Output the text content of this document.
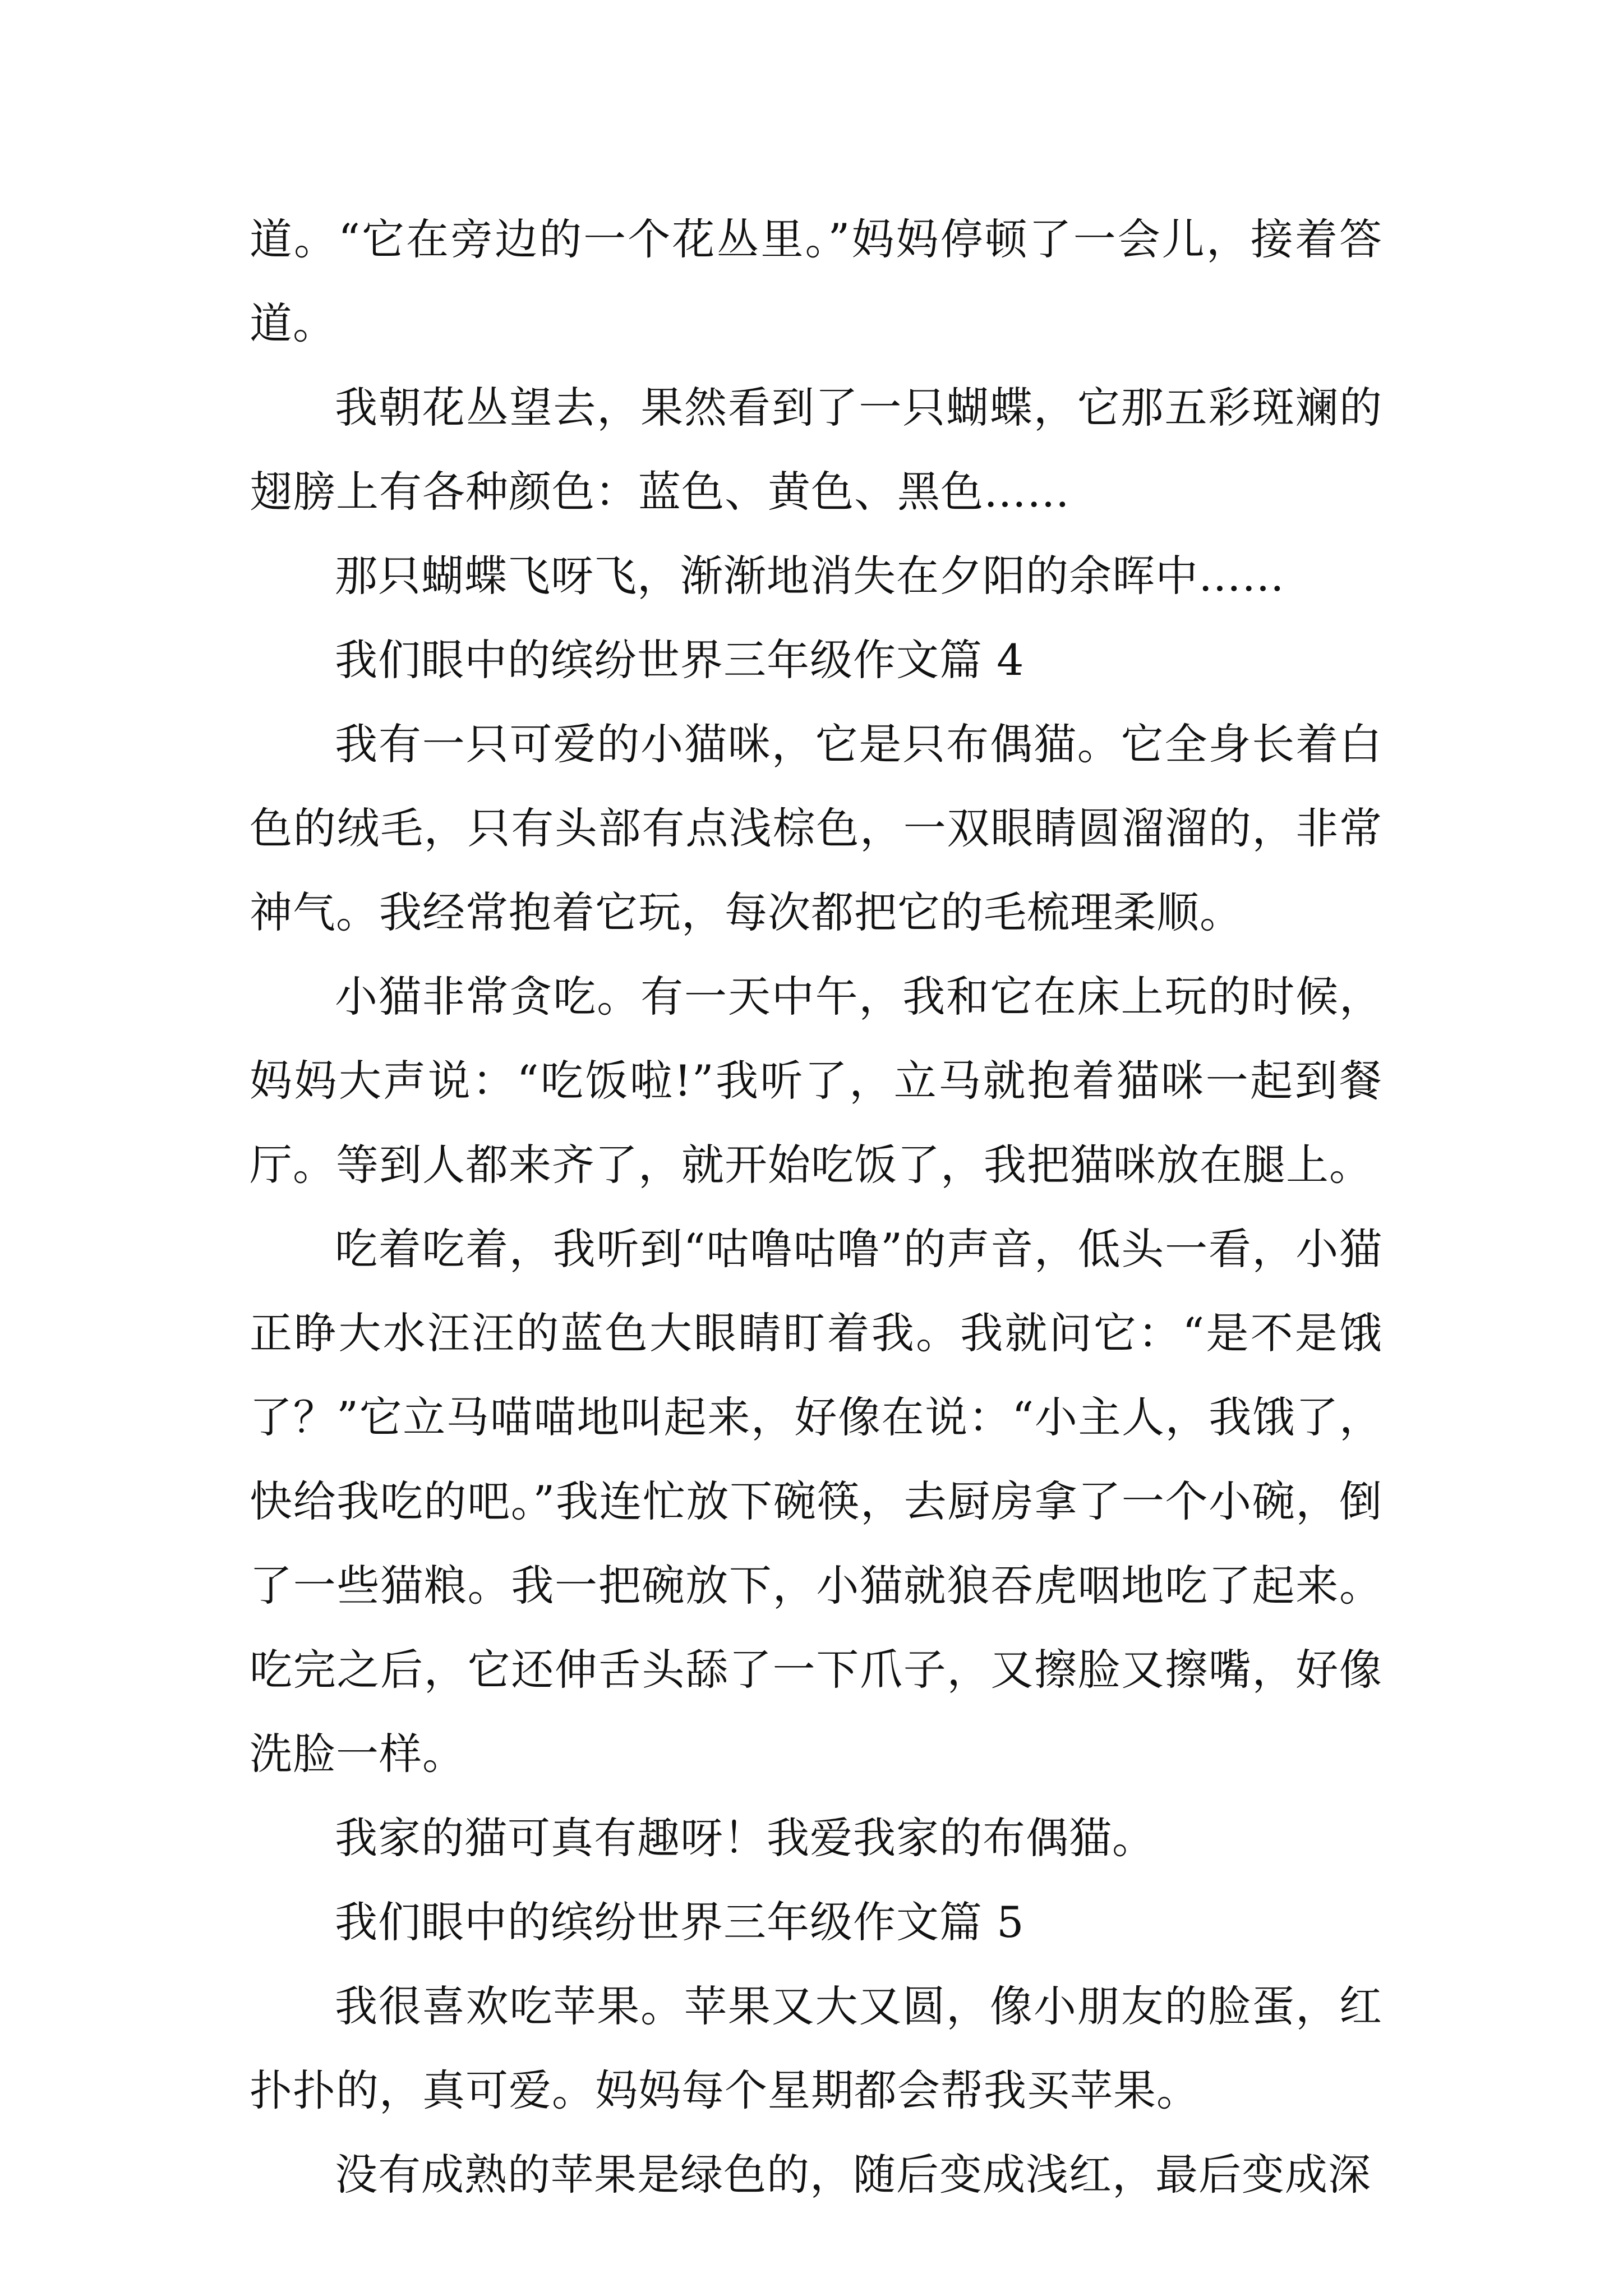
道。“它在旁边的一个花丛里。”妈妈停顿了一会儿，接着答道。

我朝花丛望去，果然看到了一只蝴蝶，它那五彩斑斓的翅膀上有各种颜色：蓝色、黄色、黑色……

那只蝴蝶飞呀飞，渐渐地消失在夕阳的余晖中……

我们眼中的缤纷世界三年级作文篇 4

我有一只可爱的小猫咪，它是只布偶猫。它全身长着白色的绒毛，只有头部有点浅棕色，一双眼睛圆溜溜的，非常神气。我经常抱着它玩，每次都把它的毛梳理柔顺。

小猫非常贪吃。有一天中午，我和它在床上玩的时候，妈妈大声说：“吃饭啦!”我听了，立马就抱着猫咪一起到餐厅。等到人都来齐了，就开始吃饭了，我把猫咪放在腿上。

吃着吃着，我听到“咕噜咕噜”的声音，低头一看，小猫正睁大水汪汪的蓝色大眼睛盯着我。我就问它：“是不是饿了？”它立马喵喵地叫起来，好像在说：“小主人，我饿了，快给我吃的吧。”我连忙放下碗筷，去厨房拿了一个小碗，倒了一些猫粮。我一把碗放下，小猫就狼吞虎咽地吃了起来。吃完之后，它还伸舌头舔了一下爪子，又擦脸又擦嘴，好像洗脸一样。

我家的猫可真有趣呀！我爱我家的布偶猫。

我们眼中的缤纷世界三年级作文篇 5

我很喜欢吃苹果。苹果又大又圆，像小朋友的脸蛋，红扑扑的，真可爱。妈妈每个星期都会帮我买苹果。

没有成熟的苹果是绿色的，随后变成浅红，最后变成深
